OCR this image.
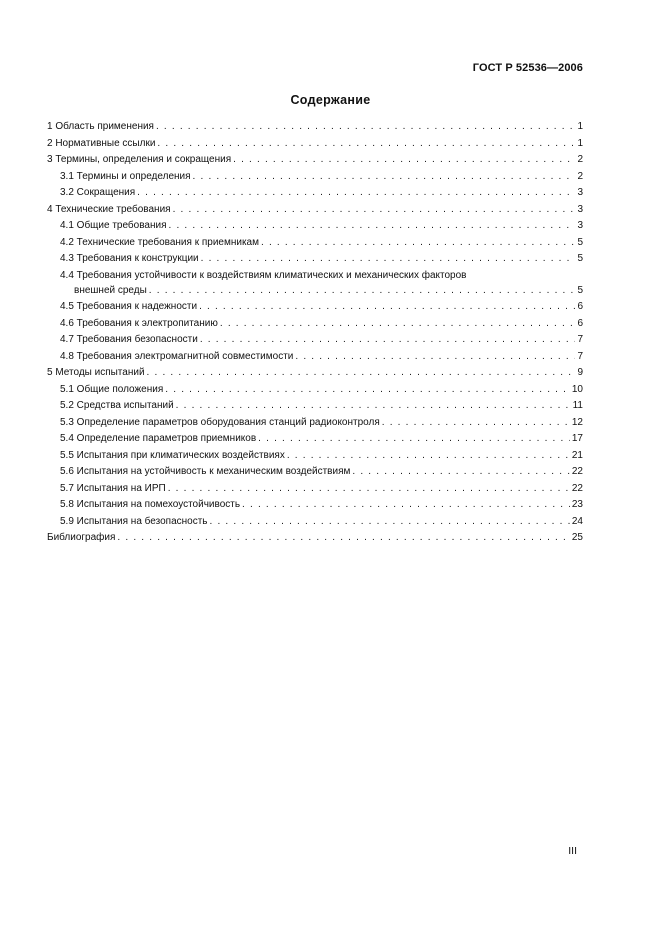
ГОСТ Р 52536—2006
Содержание
1 Область применения . . .	1
2 Нормативные ссылки . . .	1
3 Термины, определения и сокращения . . .	2
3.1 Термины и определения . . .	2
3.2 Сокращения . . .	3
4 Технические требования . . .	3
4.1 Общие требования . . .	3
4.2 Технические требования к приемникам . . .	5
4.3 Требования к конструкции . . .	5
4.4 Требования устойчивости к воздействиям климатических и механических факторов
внешней среды . . .	5
4.5 Требования к надежности . . .	6
4.6 Требования к электропитанию . . .	6
4.7 Требования безопасности . . .	7
4.8 Требования электромагнитной совместимости . . .	7
5 Методы испытаний . . .	9
5.1 Общие положения . . .	10
5.2 Средства испытаний . . .	11
5.3 Определение параметров оборудования станций радиоконтроля . . .	12
5.4 Определение параметров приемников . . .	17
5.5 Испытания при климатических воздействиях . . .	21
5.6 Испытания на устойчивость к механическим воздействиям . . .	22
5.7 Испытания на ИРП . . .	22
5.8 Испытания на помехоустойчивость . . .	23
5.9 Испытания на безопасность . . .	24
Библиография . . .	25
III
